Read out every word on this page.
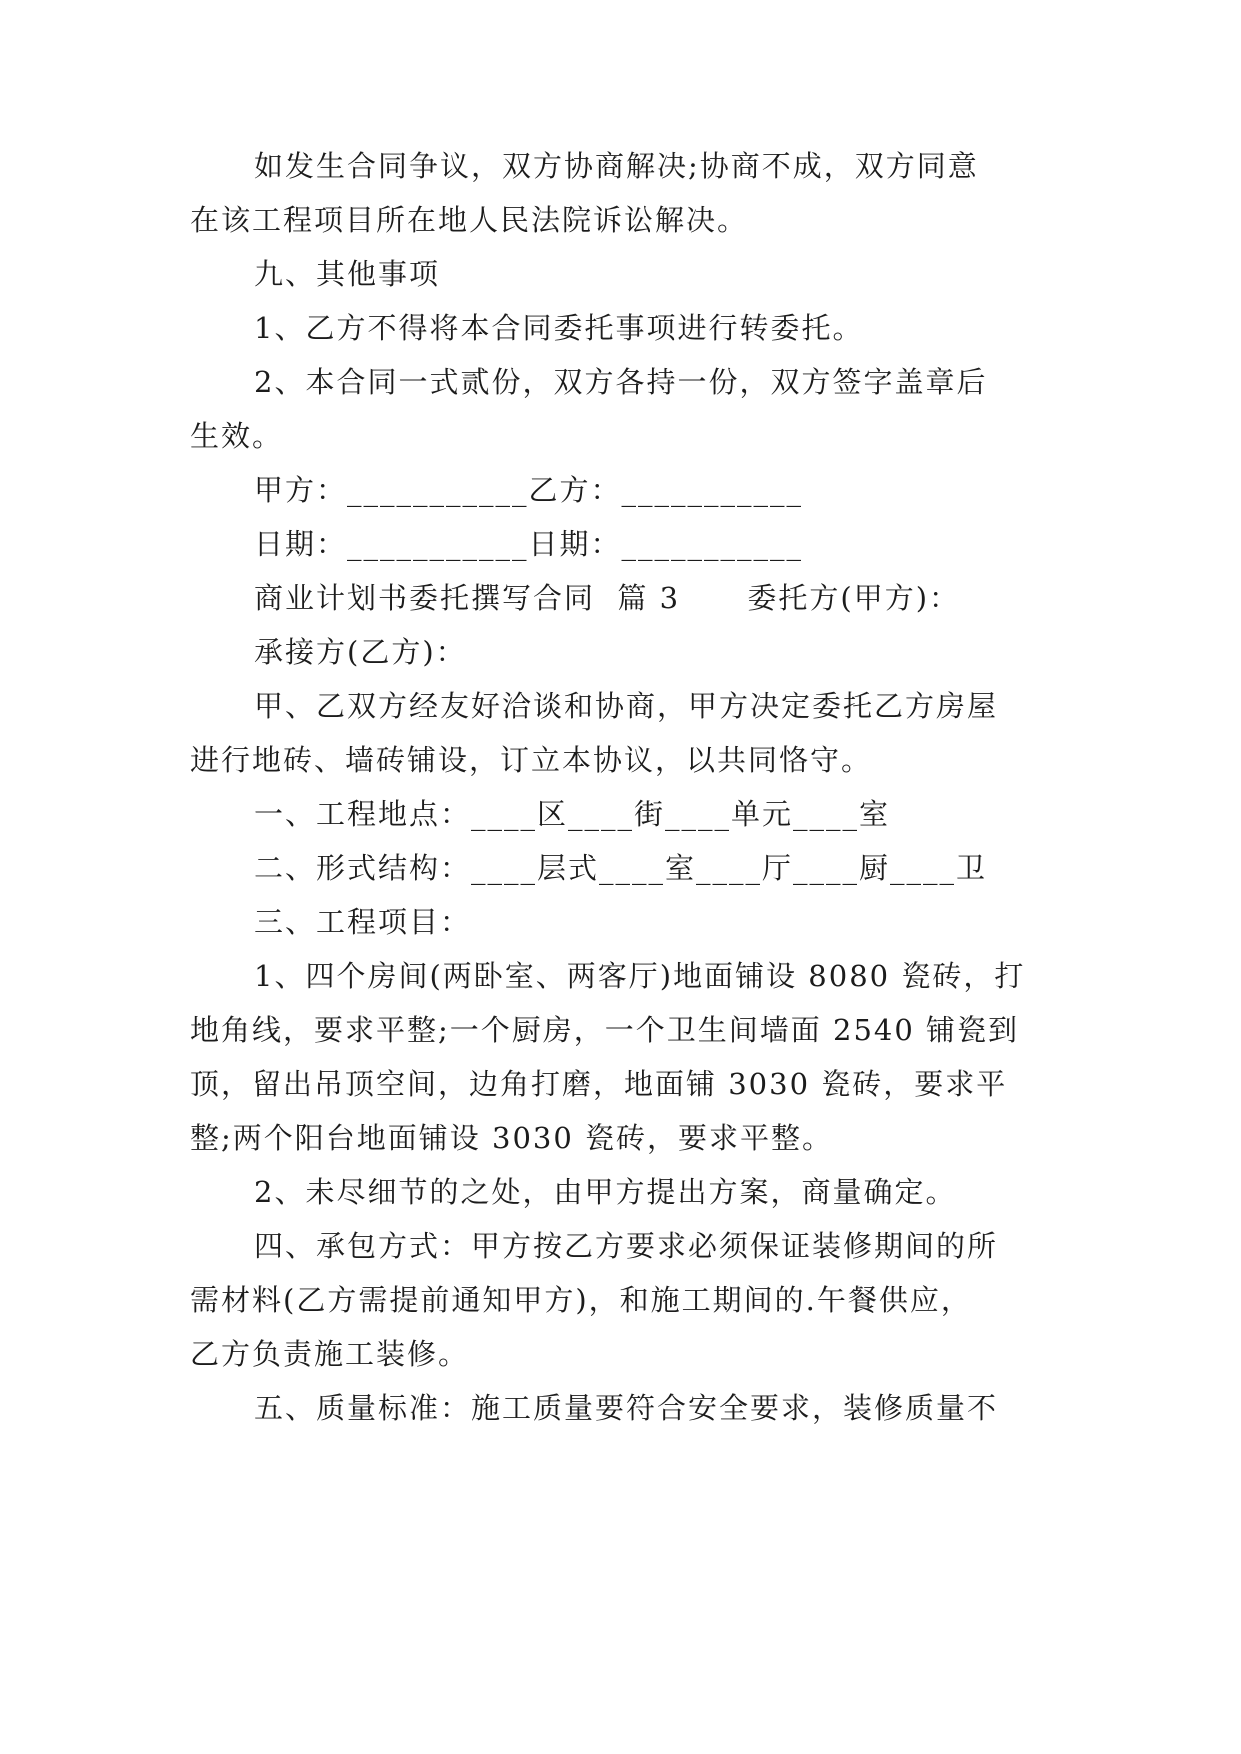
如发生合同争议，双方协商解决;协商不成，双方同意
在该工程项目所在地人民法院诉讼解决。
九、其他事项
1、乙方不得将本合同委托事项进行转委托。
2、本合同一式贰份，双方各持一份，双方签字盖章后
生效。
甲方：___________乙方：___________
日期：___________日期：___________
商业计划书委托撰写合同  篇 3      委托方(甲方)：
承接方(乙方)：
甲、乙双方经友好洽谈和协商，甲方决定委托乙方房屋
进行地砖、墙砖铺设，订立本协议，以共同恪守。
一、工程地点：____区____街____单元____室
二、形式结构：____层式____室____厅____厨____卫
三、工程项目：
1、四个房间(两卧室、两客厅)地面铺设 8080 瓷砖，打
地角线，要求平整;一个厨房，一个卫生间墙面 2540 铺瓷到
顶，留出吊顶空间，边角打磨，地面铺 3030 瓷砖，要求平
整;两个阳台地面铺设 3030 瓷砖，要求平整。
2、未尽细节的之处，由甲方提出方案，商量确定。
四、承包方式：甲方按乙方要求必须保证装修期间的所
需材料(乙方需提前通知甲方)，和施工期间的.午餐供应，
乙方负责施工装修。
五、质量标准：施工质量要符合安全要求，装修质量不
